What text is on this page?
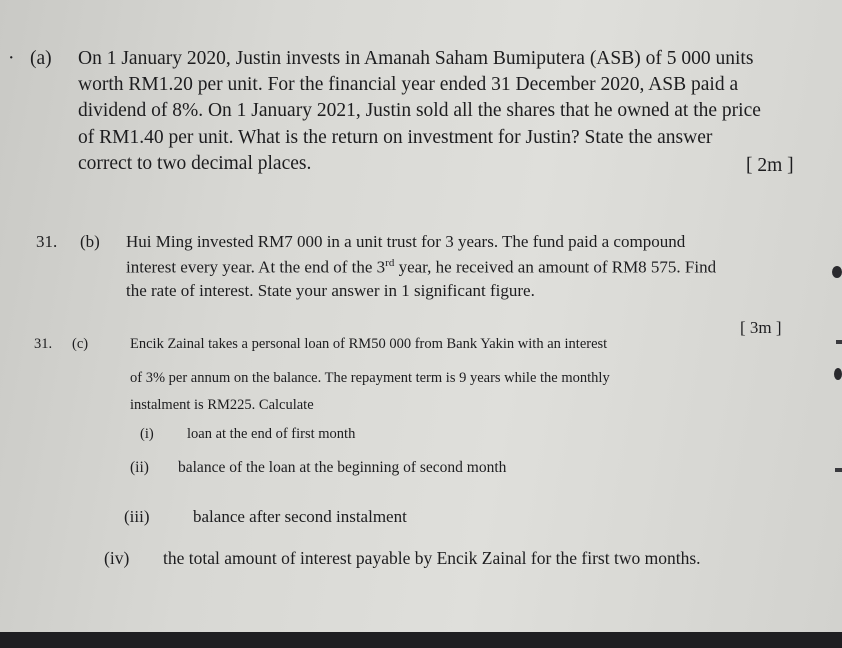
· (a) On 1 January 2020, Justin invests in Amanah Saham Bumiputera (ASB) of 5 000 units
worth RM1.20 per unit. For the financial year ended 31 December 2020, ASB paid a
dividend of 8%. On 1 January 2021, Justin sold all the shares that he owned at the price
of RM1.40 per unit. What is the return on investment for Justin? State the answer
correct to two decimal places.	[ 2m ]
31. (b) Hui Ming invested RM7 000 in a unit trust for 3 years. The fund paid a compound
interest every year. At the end of the 3rd year, he received an amount of RM8 575. Find
the rate of interest. State your answer in 1 significant figure.
[ 3m ]
31. (c)	Encik Zainal takes a personal loan of RM50 000 from Bank Yakin with an interest
of 3% per annum on the balance. The repayment term is 9 years while the monthly
instalment is RM225. Calculate
(i) loan at the end of first month
(ii) balance of the loan at the beginning of second month
(iii)	balance after second instalment
(iv) the total amount of interest payable by Encik Zainal for the first two months.
